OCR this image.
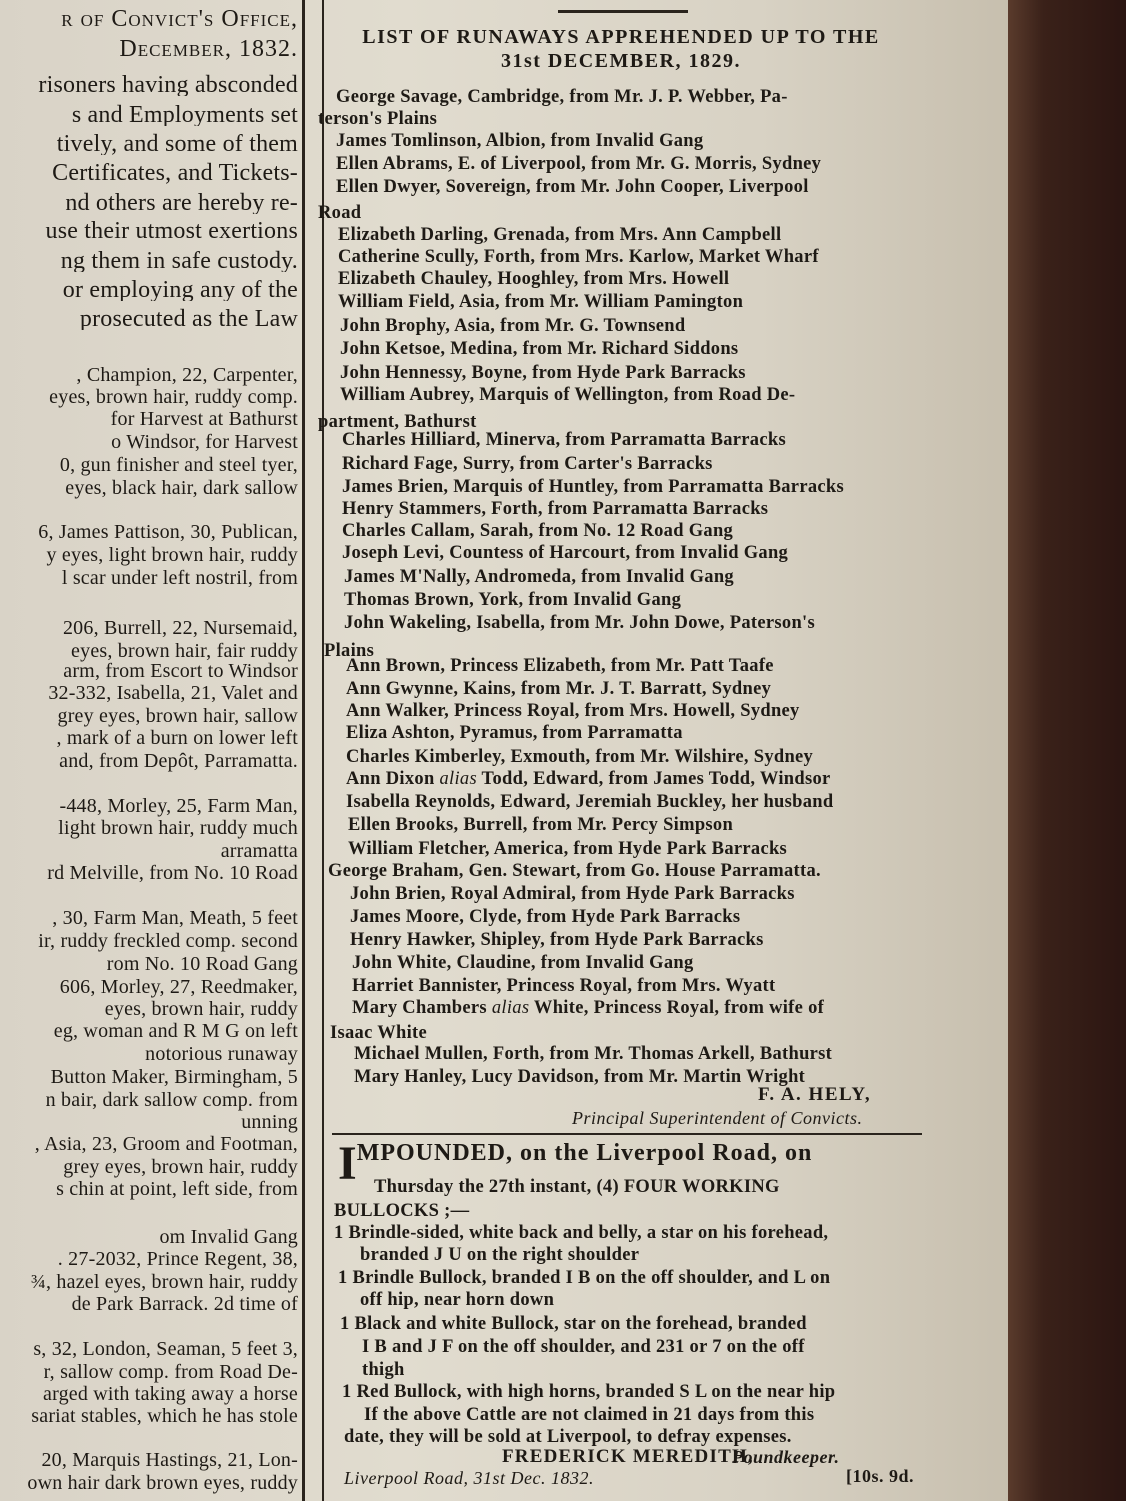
r of Convict's Office,
December, 1832.
risoners having absconded
s and Employments set
tively, and some of them
Certificates, and Tickets-
nd others are hereby re-
use their utmost exertions
ng them in safe custody.
or employing any of the
prosecuted as the Law
, Champion, 22, Carpenter,
eyes, brown hair, ruddy comp.
for Harvest at Bathurst
o Windsor, for Harvest
0, gun finisher and steel tyer,
eyes, black hair, dark sallow
6, James Pattison, 30, Publican,
y eyes, light brown hair, ruddy
l scar under left nostril, from
206, Burrell, 22, Nursemaid,
eyes, brown hair, fair ruddy
arm, from Escort to Windsor
32-332, Isabella, 21, Valet and
grey eyes, brown hair, sallow
, mark of a burn on lower left
and, from Depôt, Parramatta.
-448, Morley, 25, Farm Man,
light brown hair, ruddy much
arramatta
rd Melville, from No. 10 Road
, 30, Farm Man, Meath, 5 feet
ir, ruddy freckled comp. second
rom No. 10 Road Gang
606, Morley, 27, Reedmaker,
eyes, brown hair, ruddy
eg, woman and R M G on left
notorious runaway
Button Maker, Birmingham, 5
n bair, dark sallow comp. from
unning
, Asia, 23, Groom and Footman,
grey eyes, brown hair, ruddy
s chin at point, left side, from
om Invalid Gang
. 27-2032, Prince Regent, 38,
¾, hazel eyes, brown hair, ruddy
de Park Barrack. 2d time of
s, 32, London, Seaman, 5 feet 3,
r, sallow comp. from Road De-
arged with taking away a horse
sariat stables, which he has stole
20, Marquis Hastings, 21, Lon-
own hair dark brown eyes, ruddy
LIST OF RUNAWAYS APPREHENDED UP TO THE
31st DECEMBER, 1829.
George Savage, Cambridge, from Mr. J. P. Webber, Pa-
terson's Plains
James Tomlinson, Albion, from Invalid Gang
Ellen Abrams, E. of Liverpool, from Mr. G. Morris, Sydney
Ellen Dwyer, Sovereign, from Mr. John Cooper, Liverpool
Road
Elizabeth Darling, Grenada, from Mrs. Ann Campbell
Catherine Scully, Forth, from Mrs. Karlow, Market Wharf
Elizabeth Chauley, Hooghley, from Mrs. Howell
William Field, Asia, from Mr. William Pamington
John Brophy, Asia, from Mr. G. Townsend
John Ketsoe, Medina, from Mr. Richard Siddons
John Hennessy, Boyne, from Hyde Park Barracks
William Aubrey, Marquis of Wellington, from Road De-
partment, Bathurst
Charles Hilliard, Minerva, from Parramatta Barracks
Richard Fage, Surry, from Carter's Barracks
James Brien, Marquis of Huntley, from Parramatta Barracks
Henry Stammers, Forth, from Parramatta Barracks
Charles Callam, Sarah, from No. 12 Road Gang
Joseph Levi, Countess of Harcourt, from Invalid Gang
James M'Nally, Andromeda, from Invalid Gang
Thomas Brown, York, from Invalid Gang
John Wakeling, Isabella, from Mr. John Dowe, Paterson's
Plains
Ann Brown, Princess Elizabeth, from Mr. Patt Taafe
Ann Gwynne, Kains, from Mr. J. T. Barratt, Sydney
Ann Walker, Princess Royal, from Mrs. Howell, Sydney
Eliza Ashton, Pyramus, from Parramatta
Charles Kimberley, Exmouth, from Mr. Wilshire, Sydney
Ann Dixon alias Todd, Edward, from James Todd, Windsor
Isabella Reynolds, Edward, Jeremiah Buckley, her husband
Ellen Brooks, Burrell, from Mr. Percy Simpson
William Fletcher, America, from Hyde Park Barracks
George Braham, Gen. Stewart, from Go. House Parramatta.
John Brien, Royal Admiral, from Hyde Park Barracks
James Moore, Clyde, from Hyde Park Barracks
Henry Hawker, Shipley, from Hyde Park Barracks
John White, Claudine, from Invalid Gang
Harriet Bannister, Princess Royal, from Mrs. Wyatt
Mary Chambers alias White, Princess Royal, from wife of
Isaac White
Michael Mullen, Forth, from Mr. Thomas Arkell, Bathurst
Mary Hanley, Lucy Davidson, from Mr. Martin Wright
F. A. HELY,
Principal Superintendent of Convicts.
IMPOUNDED, on the Liverpool Road, on
Thursday the 27th instant, (4) FOUR WORKING
BULLOCKS ;—
1 Brindle-sided, white back and belly, a star on his forehead,
branded J U on the right shoulder
1 Brindle Bullock, branded I B on the off shoulder, and L on
off hip, near horn down
1 Black and white Bullock, star on the forehead, branded
I B and J F on the off shoulder, and 231 or 7 on the off
thigh
1 Red Bullock, with high horns, branded S L on the near hip
If the above Cattle are not claimed in 21 days from this
date, they will be sold at Liverpool, to defray expenses.
FREDERICK MEREDITH,
Poundkeeper.
Liverpool Road, 31st Dec. 1832.	[10s. 9d.
